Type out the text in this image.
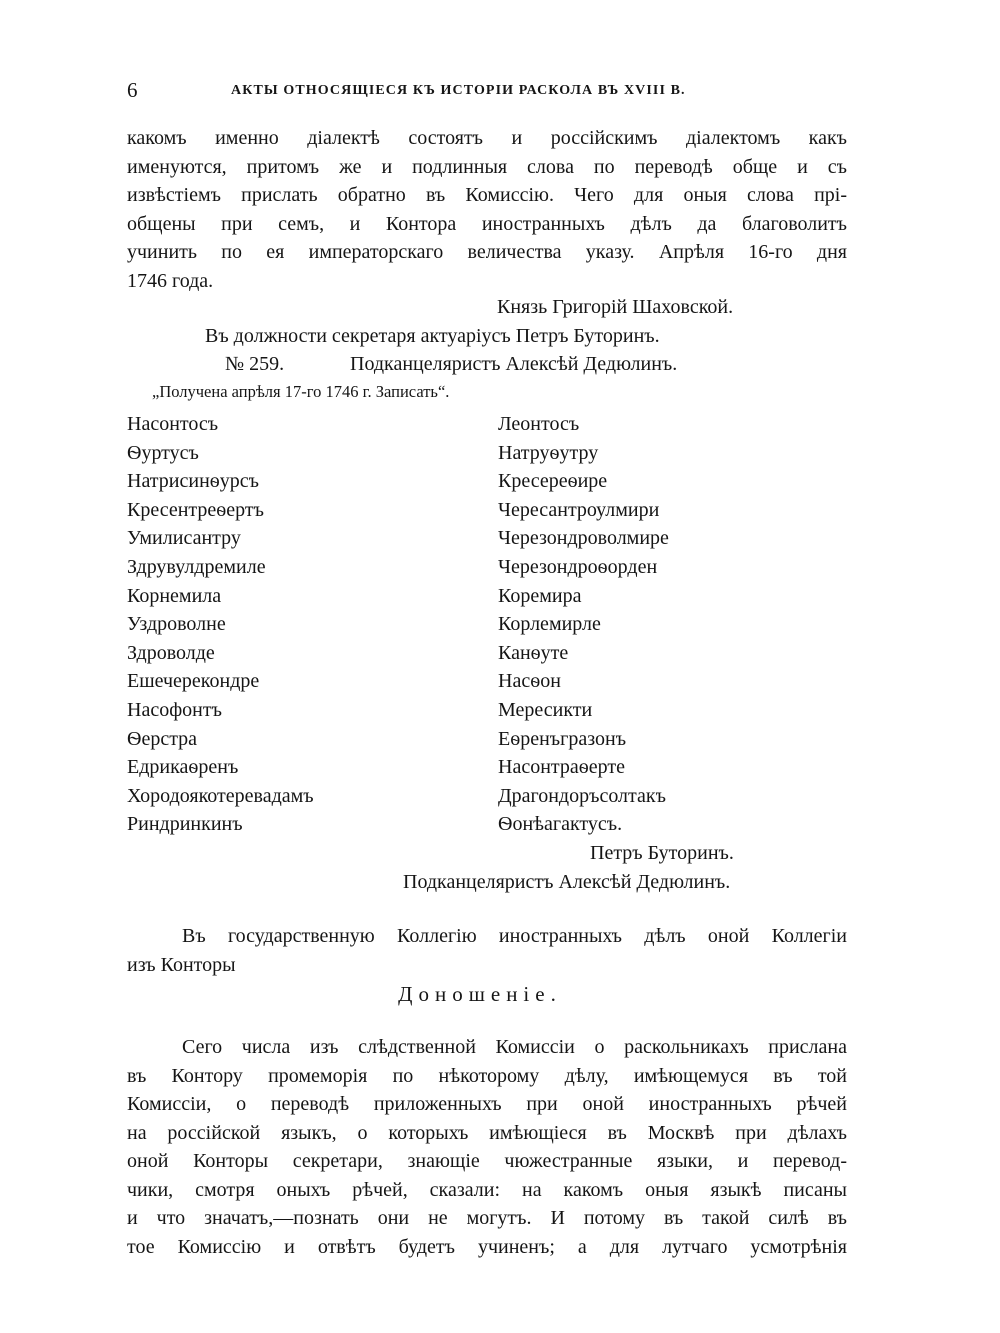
6	АКТЫ ОТНОСЯЩІЕСЯ КЪ ИСТОРІИ РАСКОЛА ВЪ XVIII В.
какомъ именно діалектѣ состоятъ и россійскимъ діалектомъ какъ
именуются, притомъ же и подлинныя слова по переводѣ обще и съ
извѣстіемъ прислать обратно въ Комиссію. Чего для оныя слова прі-
общены при семъ, и Контора иностранныхъ дѣлъ да благоволитъ
учинить по ея императорскаго величества указу. Апрѣля 16-го дня
1746 года.
Князь Григорій Шаховской.
Въ должности секретаря актуаріусъ Петръ Буторинъ.
№ 259.	Подканцеляристъ Алексѣй Дедюлинъ.
„Получена апрѣля 17-го 1746 г. Записать“.
Насонтосъ
Ѳуртусъ
Натрисинѳурсъ
Кресентреѳертъ
Умилисантру
Здрувулдремиле
Корнемила
Уздроволне
Здроволде
Ешечерекондре
Насофонтъ
Ѳерстра
Едрикаѳренъ
Хородоякотеревадамъ
Риндринкинъ
Леонтосъ
Натруѳутру
Кресереѳире
Чересантроулмири
Черезондроволмире
Черезондроѳорден
Коремира
Корлемирле
Канѳуте
Насѳон
Мересикти
Еѳренъгразонъ
Насонтраѳерте
Драгондоръсолтакъ
Ѳонѣагактусъ.
Петръ Буторинъ.
Подканцеляристъ Алексѣй Дедюлинъ.
Въ государственную Коллегію иностранныхъ дѣлъ оной Коллегіи
изъ Конторы
Доношеніе.
Сего числа изъ слѣдственной Комиссіи о раскольникахъ прислана
въ Контору промеморія по нѣкоторому дѣлу, имѣющемуся въ той
Комиссіи, о переводѣ приложенныхъ при оной иностранныхъ рѣчей
на россійской языкъ, о которыхъ имѣющіеся въ Москвѣ при дѣлахъ
оной Конторы секретари, знающіе чюжестранные языки, и перевод-
чики, смотря оныхъ рѣчей, сказали: на какомъ оныя языкѣ писаны
и что значатъ,—познать они не могутъ. И потому въ такой силѣ въ
тое Комиссію и отвѣтъ будетъ учиненъ; а для лутчаго усмотрѣнія
